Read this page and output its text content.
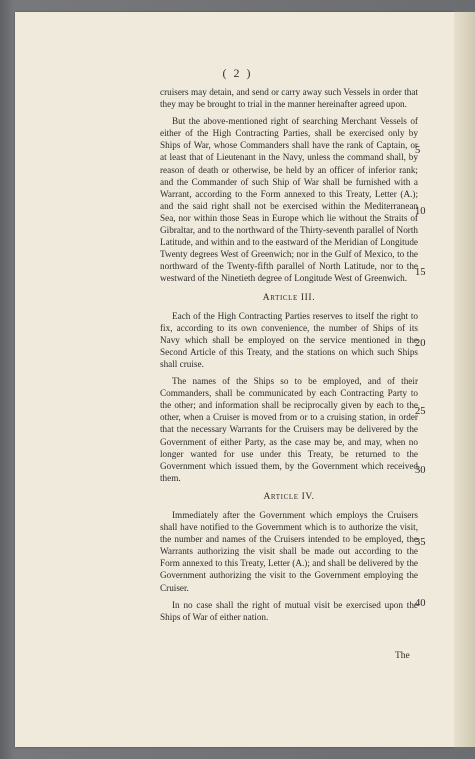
( 2 )

cruisers may detain, and send or carry away such Vessels in order that they may be brought to trial in the manner hereinafter agreed upon.

But the above-mentioned right of searching Merchant Vessels of either of the High Contracting Parties, shall be exercised only by Ships of War, whose Commanders shall have the rank of Captain, or at least that of Lieutenant in the Navy, unless the command shall, by reason of death or otherwise, be held by an officer of inferior rank; and the Commander of such Ship of War shall be furnished with a Warrant, according to the Form annexed to this Treaty, Letter (A.); and the said right shall not be exercised within the Mediterranean Sea, nor within those Seas in Europe which lie without the Straits of Gibraltar, and to the northward of the Thirty-seventh parallel of North Latitude, and within and to the eastward of the Meridian of Longitude Twenty degrees West of Greenwich; nor in the Gulf of Mexico, to the northward of the Twenty-fifth parallel of North Latitude, nor to the westward of the Ninetieth degree of Longitude West of Greenwich.

Article III.

Each of the High Contracting Parties reserves to itself the right to fix, according to its own convenience, the number of Ships of its Navy which shall be employed on the service mentioned in the Second Article of this Treaty, and the stations on which such Ships shall cruise.

The names of the Ships so to be employed, and of their Commanders, shall be communicated by each Contracting Party to the other; and information shall be reciprocally given by each to the other, when a Cruiser is moved from or to a cruising station, in order that the necessary Warrants for the Cruisers may be delivered by the Government of either Party, as the case may be, and may, when no longer wanted for use under this Treaty, be returned to the Government which issued them, by the Government which received them.

Article IV.

Immediately after the Government which employs the Cruisers shall have notified to the Government which is to authorize the visit, the number and names of the Cruisers intended to be employed, the Warrants authorizing the visit shall be made out according to the Form annexed to this Treaty, Letter (A.); and shall be delivered by the Government authorizing the visit to the Government employing the Cruiser.

In no case shall the right of mutual visit be exercised upon the Ships of War of either nation.

5
10
15
20
25
30
35
40
The
